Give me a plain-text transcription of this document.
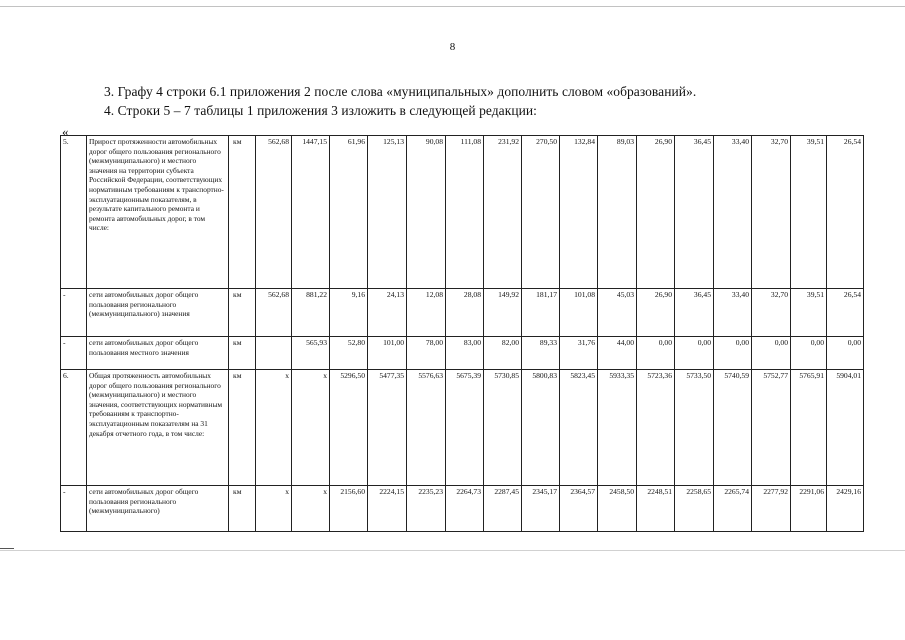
8
3. Графу 4 строки 6.1 приложения 2 после слова «муниципальных» дополнить словом «образований».
4. Строки 5 – 7 таблицы 1 приложения 3 изложить в следующей редакции:
«
5.	Прирост протяженности автомобильных дорог общего пользования регионального (межмуниципального) и местного значения на территории субъекта Российской Федерации, соответствующих нормативным требованиям к транспортно-эксплуатационным показателям, в результате капитального ремонта и ремонта автомобильных дорог, в том числе:	км	562,68	1447,15	61,96	125,13	90,08	111,08	231,92	270,50	132,84	89,03	26,90	36,45	33,40	32,70	39,51	26,54
-	сети автомобильных дорог общего пользования регионального (межмуниципального) значения	км	562,68	881,22	9,16	24,13	12,08	28,08	149,92	181,17	101,08	45,03	26,90	36,45	33,40	32,70	39,51	26,54
-	сети автомобильных дорог общего пользования местного значения	км		565,93	52,80	101,00	78,00	83,00	82,00	89,33	31,76	44,00	0,00	0,00	0,00	0,00	0,00	0,00
6.	Общая протяженность автомобильных дорог общего пользования регионального (межмуниципального) и местного значения, соответствующих нормативным требованиям к транспортно-эксплуатационным показателям на 31 декабря отчетного года, в том числе:	км	х	х	5296,50	5477,35	5576,63	5675,39	5730,85	5800,83	5823,45	5933,35	5723,36	5733,50	5740,59	5752,77	5765,91	5904,01
-	сети автомобильных дорог общего пользования регионального (межмуниципального)	км	х	х	2156,60	2224,15	2235,23	2264,73	2287,45	2345,17	2364,57	2458,50	2248,51	2258,65	2265,74	2277,92	2291,06	2429,16
